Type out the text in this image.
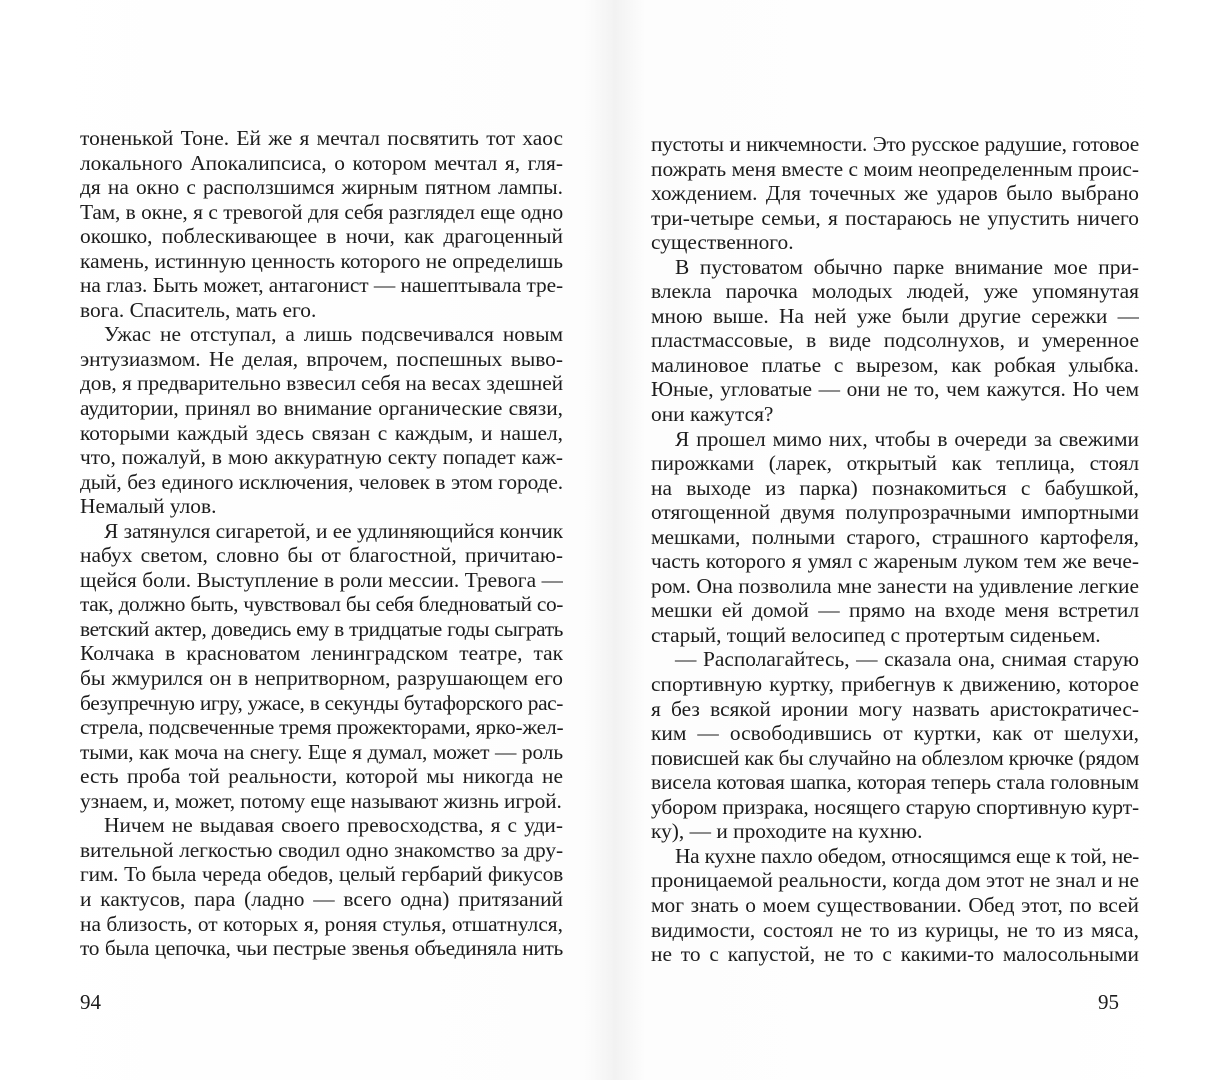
тоненькой Тоне. Ей же я мечтал посвятить тот хаос
локального Апокалипсиса, о котором мечтал я, гля-
дя на окно с расползшимся жирным пятном лампы.
Там, в окне, я с тревогой для себя разглядел еще одно
окошко, поблескивающее в ночи, как драгоценный
камень, истинную ценность которого не определишь
на глаз. Быть может, антагонист — нашептывала тре-
вога. Спаситель, мать его.
Ужас не отступал, а лишь подсвечивался новым
энтузиазмом. Не делая, впрочем, поспешных выво-
дов, я предварительно взвесил себя на весах здешней
аудитории, принял во внимание органические связи,
которыми каждый здесь связан с каждым, и нашел,
что, пожалуй, в мою аккуратную секту попадет каж-
дый, без единого исключения, человек в этом городе.
Немалый улов.
Я затянулся сигаретой, и ее удлиняющийся кончик
набух светом, словно бы от благостной, причитаю-
щейся боли. Выступление в роли мессии. Тревога —
так, должно быть, чувствовал бы себя бледноватый со-
ветский актер, доведись ему в тридцатые годы сыграть
Колчака в красноватом ленинградском театре, так
бы жмурился он в непритворном, разрушающем его
безупречную игру, ужасе, в секунды бутафорского рас-
стрела, подсвеченные тремя прожекторами, ярко-жел-
тыми, как моча на снегу. Еще я думал, может — роль
есть проба той реальности, которой мы никогда не
узнаем, и, может, потому еще называют жизнь игрой.
Ничем не выдавая своего превосходства, я с уди-
вительной легкостью сводил одно знакомство за дру-
гим. То была череда обедов, целый гербарий фикусов
и кактусов, пара (ладно — всего одна) притязаний
на близость, от которых я, роняя стулья, отшатнулся,
то была цепочка, чьи пестрые звенья объединяла нить
94
пустоты и никчемности. Это русское радушие, готовое
пожрать меня вместе с моим неопределенным проис-
хождением. Для точечных же ударов было выбрано
три-четыре семьи, я постараюсь не упустить ничего
существенного.
В пустоватом обычно парке внимание мое при-
влекла парочка молодых людей, уже упомянутая
мною выше. На ней уже были другие сережки —
пластмассовые, в виде подсолнухов, и умеренное
малиновое платье с вырезом, как робкая улыбка.
Юные, угловатые — они не то, чем кажутся. Но чем
они кажутся?
Я прошел мимо них, чтобы в очереди за свежими
пирожками (ларек, открытый как теплица, стоял
на выходе из парка) познакомиться с бабушкой,
отягощенной двумя полупрозрачными импортными
мешками, полными старого, страшного картофеля,
часть которого я умял с жареным луком тем же вече-
ром. Она позволила мне занести на удивление легкие
мешки ей домой — прямо на входе меня встретил
старый, тощий велосипед с протертым сиденьем.
— Располагайтесь, — сказала она, снимая старую
спортивную куртку, прибегнув к движению, которое
я без всякой иронии могу назвать аристократичес-
ким — освободившись от куртки, как от шелухи,
повисшей как бы случайно на облезлом крючке (рядом
висела котовая шапка, которая теперь стала головным
убором призрака, носящего старую спортивную курт-
ку), — и проходите на кухню.
На кухне пахло обедом, относящимся еще к той, не-
проницаемой реальности, когда дом этот не знал и не
мог знать о моем существовании. Обед этот, по всей
видимости, состоял не то из курицы, не то из мяса,
не то с капустой, не то с какими-то малосольными
95
